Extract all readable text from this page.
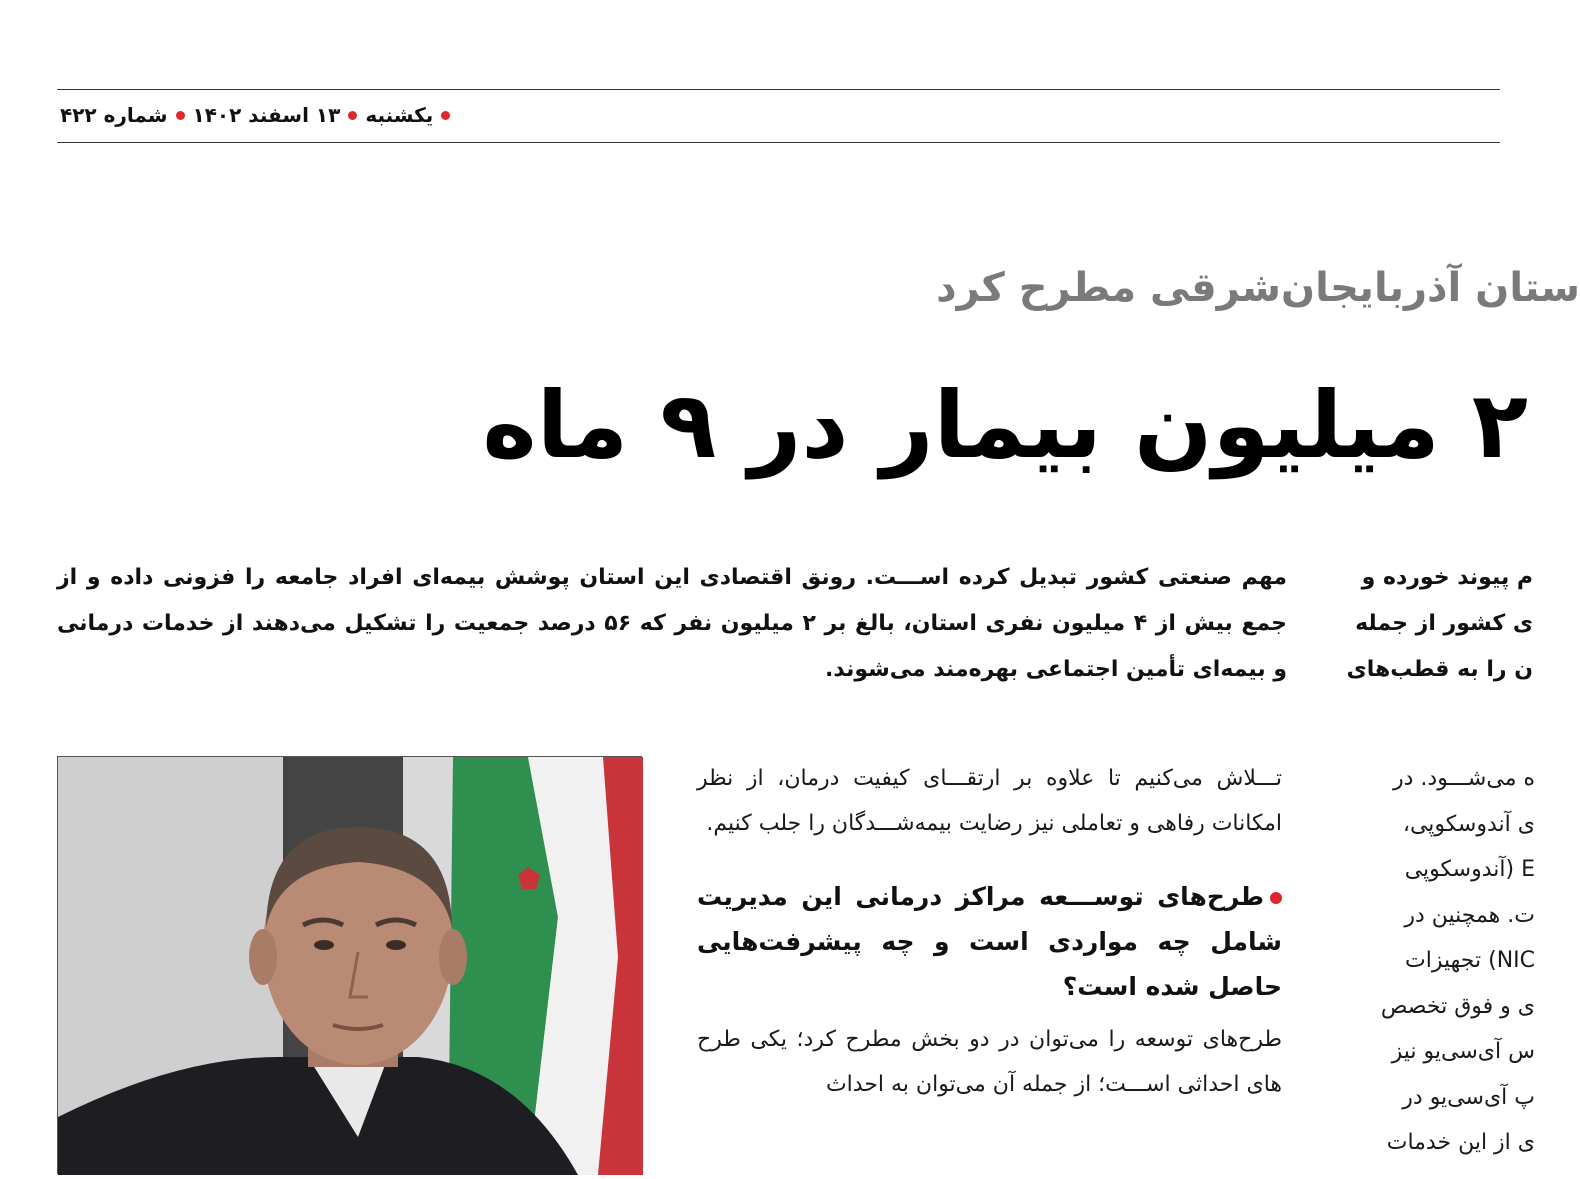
یکشنبه
۱۳ اسفند ۱۴۰۲
شماره ۴۲۲
ستان آذربایجان‌شرقی مطرح کرد
۲ میلیون بیمار در ۹ ماه
مهم صنعتی کشور تبدیل کرده اســـت. رونق اقتصادی این استان پوشش بیمه‌ای افراد جامعه را فزونی داده و از جمع بیش از ۴ میلیون نفری استان، بالغ بر ۲ میلیون نفر که ۵۶ درصد جمعیت را تشکیل می‌دهند از خدمات درمانی و بیمه‌ای تأمین اجتماعی بهره‌مند می‌شوند.

م پیوند خورده و

ی کشور از جمله

ن را به قطب‌های

تـــلاش می‌کنیم تا علاوه بر ارتقـــای کیفیت درمان، از نظر امکانات رفاهی و تعاملی نیز رضایت بیمه‌شـــدگان را جلب کنیم.
طرح‌های توســـعه مراکز درمانی این مدیریت شامل چه مواردی است و چه پیشرفت‌هایی حاصل شده است؟
طرح‌های توسعه را می‌توان در دو بخش مطرح کرد؛ یکی طرح های احداثی اســـت؛ از جمله آن می‌توان به احداث

ه می‌شـــود. در

ی آندوسکوپی،

E (آندوسکوپی

ت. همچنین در

NIC) تجهیزات

ی و فوق تخصص

س آی‌سی‌یو نیز

پ آی‌سی‌یو در

ی از این خدمات
